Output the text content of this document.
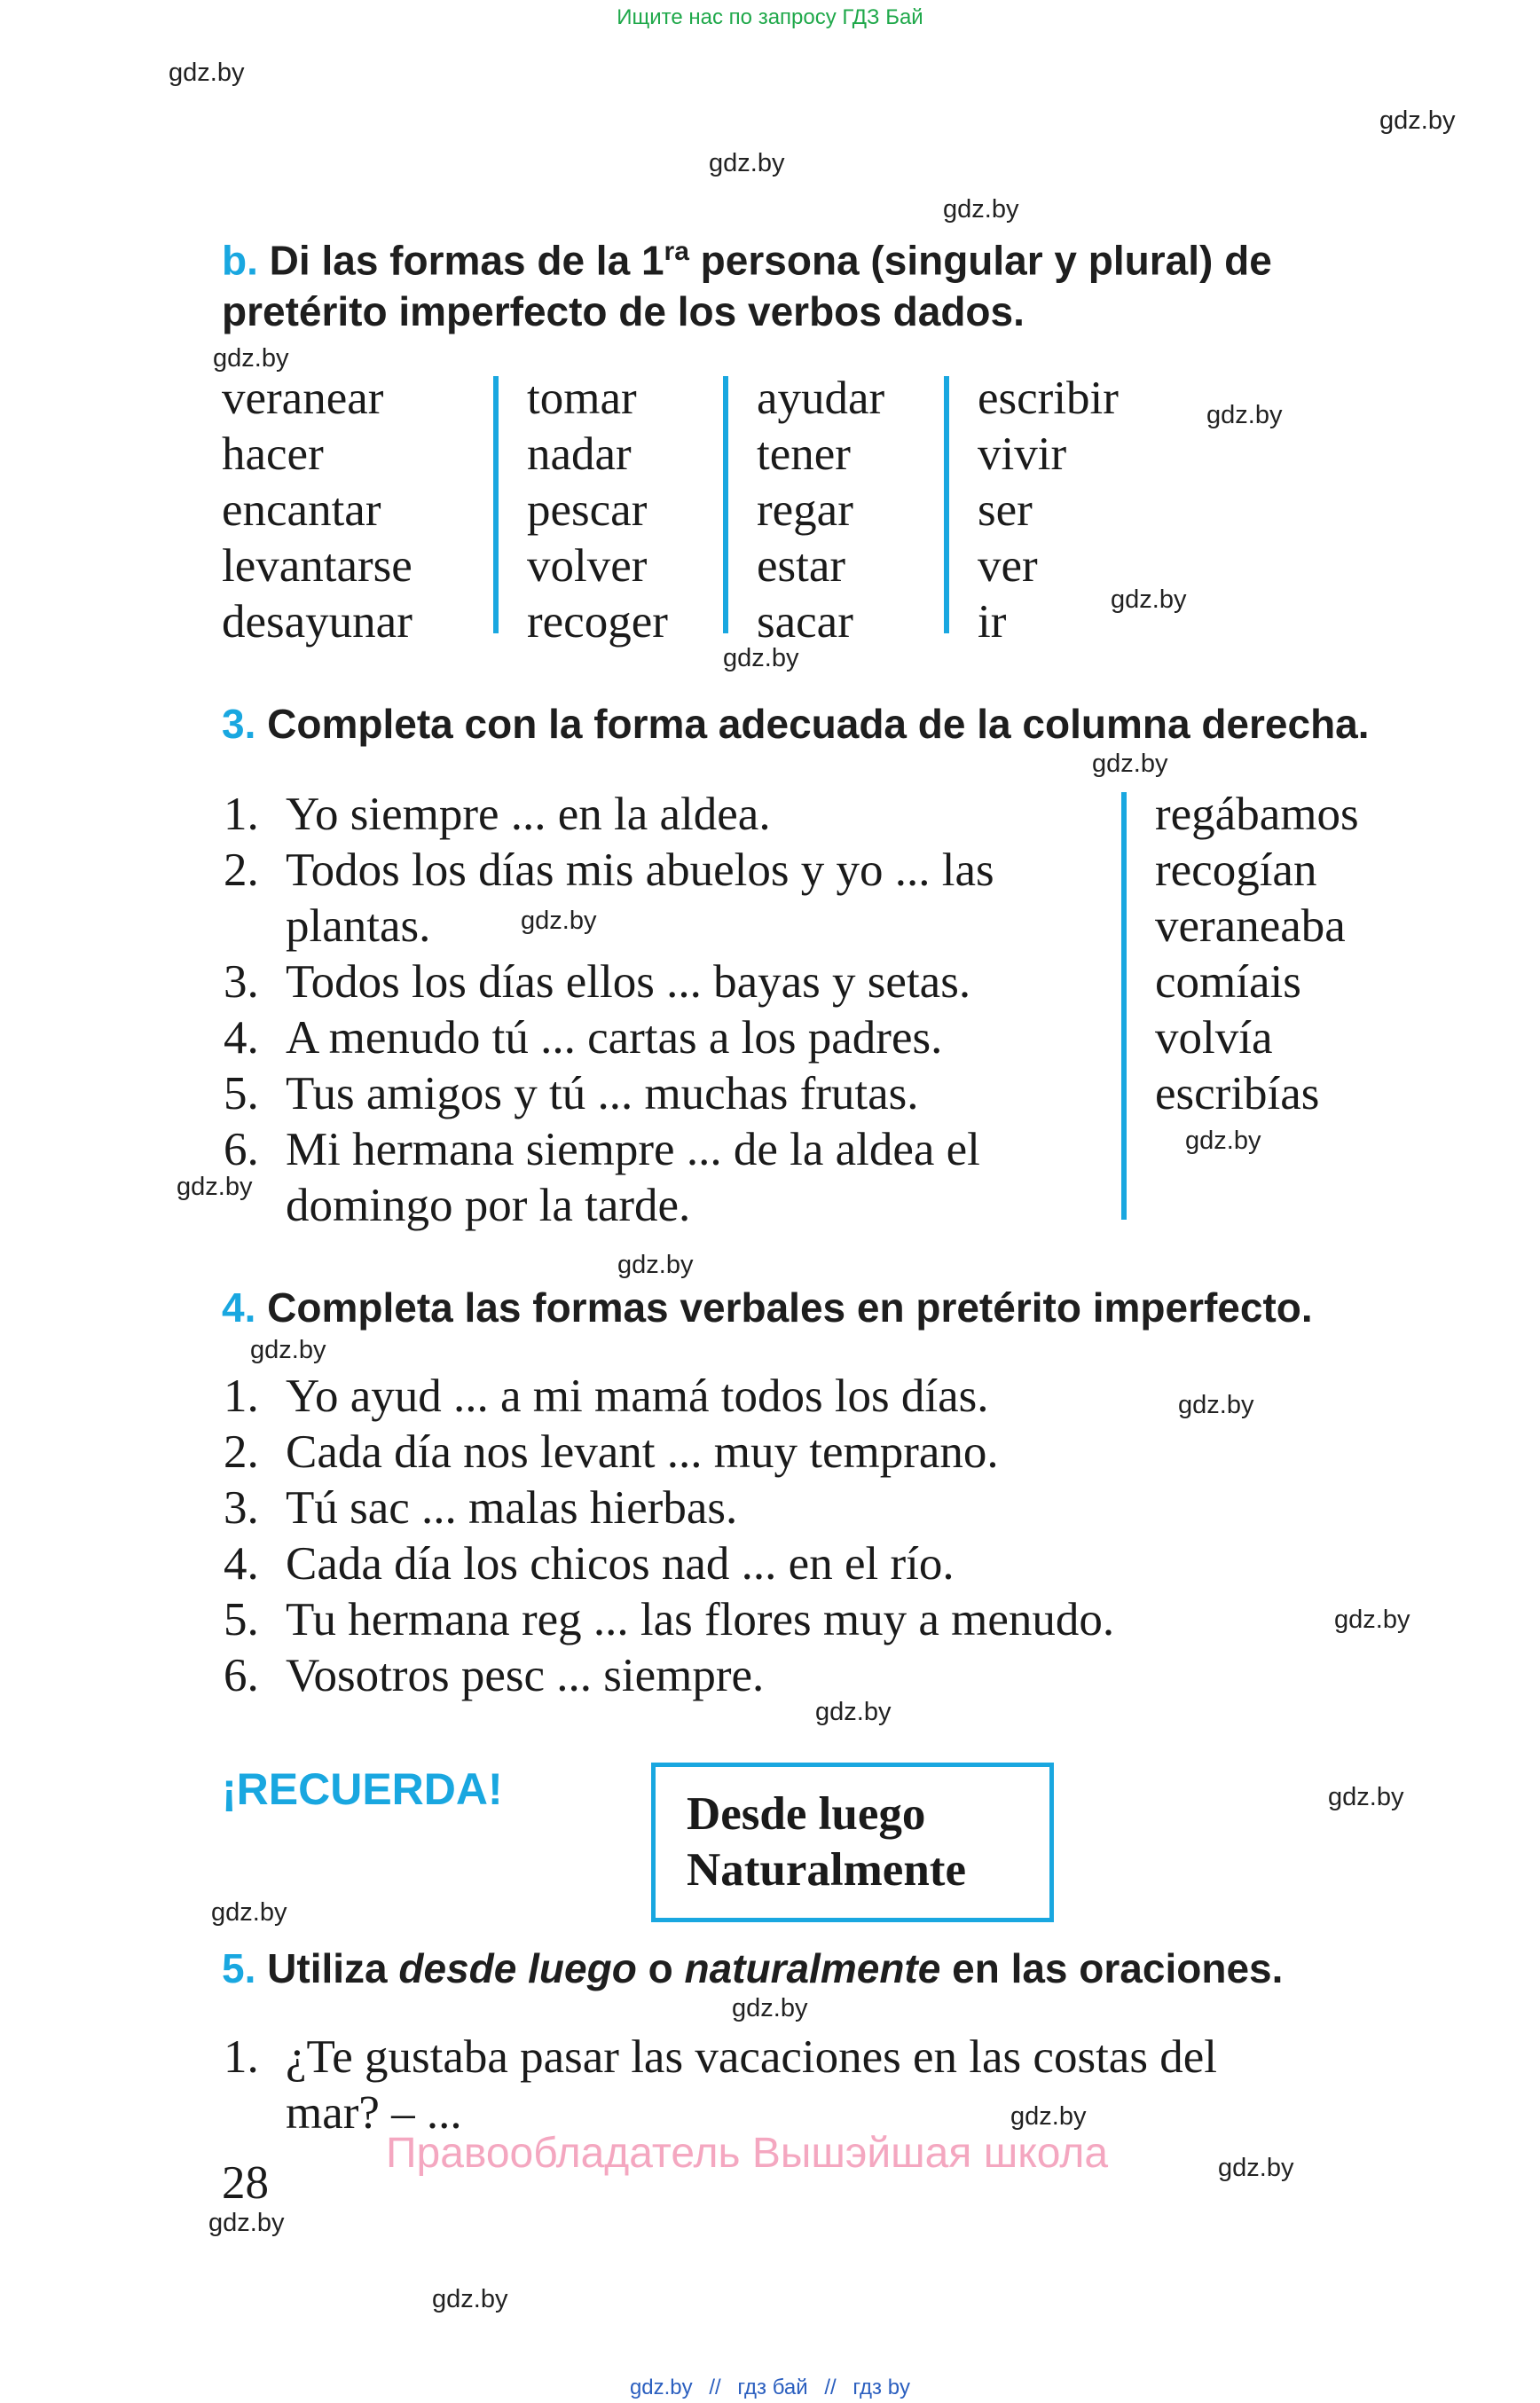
Ищите нас по запросу ГДЗ Бай
gdz.by
gdz.by
gdz.by
gdz.by
gdz.by
gdz.by
gdz.by
gdz.by
gdz.by
gdz.by
gdz.by
gdz.by
gdz.by
gdz.by
gdz.by
gdz.by
gdz.by
gdz.by
gdz.by
gdz.by
gdz.by
gdz.by
gdz.by
gdz.by
b. Di las formas de la $1^{ra}$ persona (singular y plural) de
pretérito imperfecto de los verbos dados.
veranear
hacer
encantar
levantarse
desayunar
tomar
nadar
pescar
volver
recoger
ayudar
tener
regar
estar
sacar
escribir
vivir
ser
ver
ir
3. Completa con la forma adecuada de la columna derecha.
1. Yo siempre ... en la aldea.
2. Todos los días mis abuelos y yo ... las
plantas.
3. Todos los días ellos ... bayas y setas.
4. A menudo tú ... cartas a los padres.
5. Tus amigos y tú ... muchas frutas.
6. Mi hermana siempre ... de la aldea el
domingo por la tarde.
regábamos
recogían
veraneaba
comíais
volvía
escribías
4. Completa las formas verbales en pretérito imperfecto.
1. Yo ayud ... a mi mamá todos los días.
2. Cada día nos levant ... muy temprano.
3. Tú sac ... malas hierbas.
4. Cada día los chicos nad ... en el río.
5. Tu hermana reg ... las flores muy a menudo.
6. Vosotros pesc ... siempre.
¡RECUERDA!	Desde luego
Naturalmente
5. Utiliza desde luego o naturalmente en las oraciones.
1. ¿Te gustaba pasar las vacaciones en las costas del
mar? – ...
28
Правообладатель Вышэйшая школа
gdz.by // гдз бай // гдз by
